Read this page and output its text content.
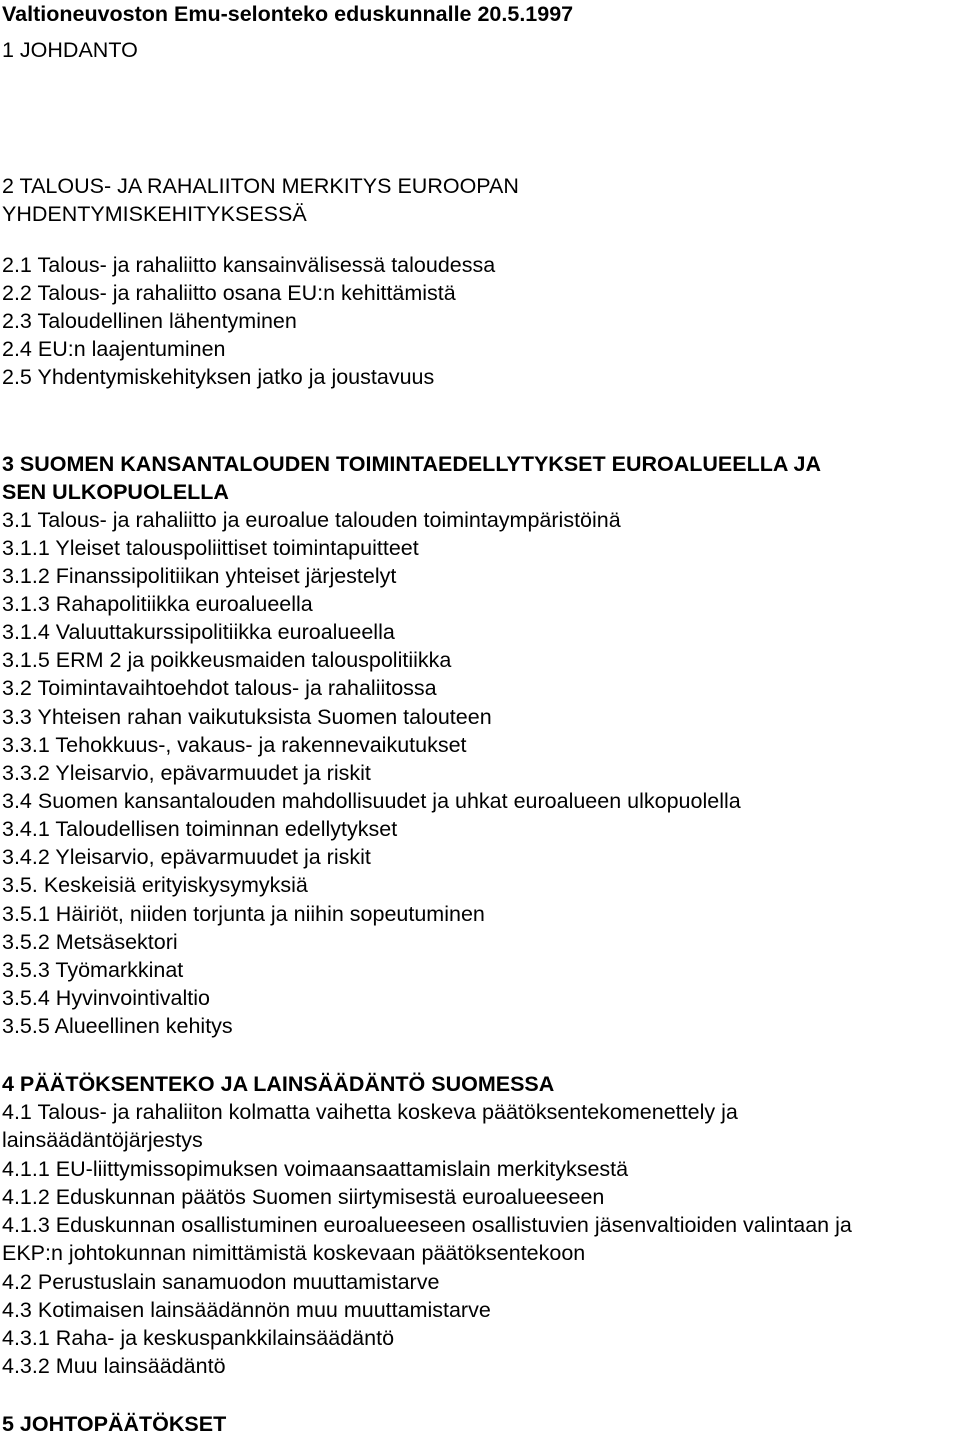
Valtioneuvoston Emu-selonteko eduskunnalle 20.5.1997
1 JOHDANTO
2 TALOUS- JA RAHALIITON MERKITYS EUROOPAN
YHDENTYMISKEHITYKSESSÄ
2.1 Talous- ja rahaliitto kansainvälisessä taloudessa
2.2 Talous- ja rahaliitto osana EU:n kehittämistä
2.3 Taloudellinen lähentyminen
2.4 EU:n laajentuminen
2.5 Yhdentymiskehityksen jatko ja joustavuus
3 SUOMEN KANSANTALOUDEN TOIMINTAEDELLYTYKSET EUROALUEELLA JA
SEN ULKOPUOLELLA
3.1 Talous- ja rahaliitto ja euroalue talouden toimintaympäristöinä
3.1.1 Yleiset talouspoliittiset toimintapuitteet
3.1.2 Finanssipolitiikan yhteiset järjestelyt
3.1.3 Rahapolitiikka euroalueella
3.1.4 Valuuttakurssipolitiikka euroalueella
3.1.5 ERM 2 ja poikkeusmaiden talouspolitiikka
3.2 Toimintavaihtoehdot talous- ja rahaliitossa
3.3 Yhteisen rahan vaikutuksista Suomen talouteen
3.3.1 Tehokkuus-, vakaus- ja rakennevaikutukset
3.3.2 Yleisarvio, epävarmuudet ja riskit
3.4 Suomen kansantalouden mahdollisuudet ja uhkat euroalueen ulkopuolella
3.4.1 Taloudellisen toiminnan edellytykset
3.4.2 Yleisarvio, epävarmuudet ja riskit
3.5. Keskeisiä erityiskysymyksiä
3.5.1 Häiriöt, niiden torjunta ja niihin sopeutuminen
3.5.2 Metsäsektori
3.5.3 Työmarkkinat
3.5.4 Hyvinvointivaltio
3.5.5 Alueellinen kehitys
4 PÄÄTÖKSENTEKO JA LAINSÄÄDÄNTÖ SUOMESSA
4.1 Talous- ja rahaliiton kolmatta vaihetta koskeva päätöksentekomenettely ja
lainsäädäntöjärjestys
4.1.1 EU-liittymissopimuksen voimaansaattamislain merkityksestä
4.1.2 Eduskunnan päätös Suomen siirtymisestä euroalueeseen
4.1.3 Eduskunnan osallistuminen euroalueeseen osallistuvien jäsenvaltioiden valintaan ja
EKP:n johtokunnan nimittämistä koskevaan päätöksentekoon
4.2 Perustuslain sanamuodon muuttamistarve
4.3 Kotimaisen lainsäädännön muu muuttamistarve
4.3.1 Raha- ja keskuspankkilainsäädäntö
4.3.2 Muu lainsäädäntö
5 JOHTOPÄÄTÖKSET
